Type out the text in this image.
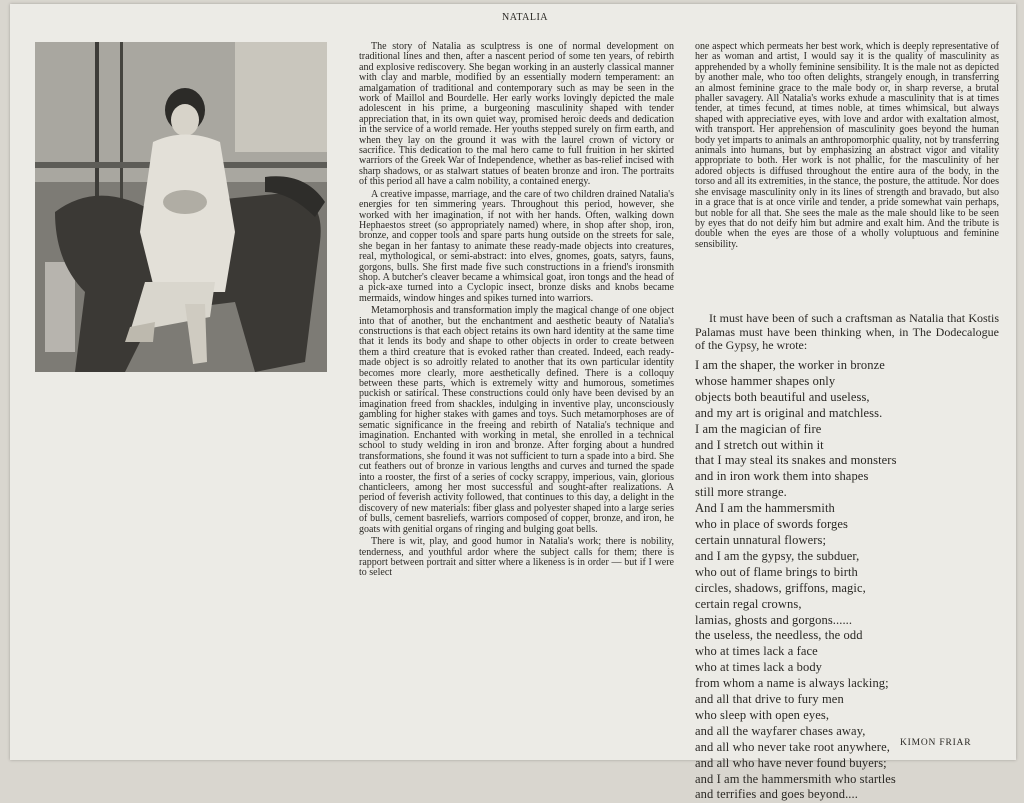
NATALIA

The story of Natalia as sculptress is one of normal development on traditional lines and then, after a nascent period of some ten years, of rebirth and explosive rediscovery. She began working in an austerly classical manner with clay and marble, modified by an essentially modern temperament: an amalgamation of traditional and contemporary such as may be seen in the work of Maillol and Bourdelle. Her early works lovingly depicted the male adolescent in his prime, a burgeoning masculinity shaped with tender appreciation that, in its own quiet way, promised heroic deeds and dedication in the service of a world remade. Her youths stepped surely on firm earth, and when they lay on the ground it was with the laurel crown of victory or sacrifice. This dedication to the mal hero came to full fruition in her skirted warriors of the Greek War of Independence, whether as bas-relief incised with sharp shadows, or as stalwart statues of beaten bronze and iron. The portraits of this period all have a calm nobility, a contained energy.

A creative impasse, marriage, and the care of two children drained Natalia's energies for ten simmering years. Throughout this period, however, she worked with her imagination, if not with her hands. Often, walking down Hephaestos street (so appropriately named) where, in shop after shop, iron, bronze, and copper tools and spare parts hung outside on the streets for sale, she began in her fantasy to animate these ready-made objects into creatures, real, mythological, or semi-abstract: into elves, gnomes, goats, satyrs, fauns, gorgons, bulls. She first made five such constructions in a friend's ironsmith shop. A butcher's cleaver became a whimsical goat, iron tongs and the head of a pick-axe turned into a Cyclopic insect, bronze disks and knobs became mermaids, window hinges and spikes turned into warriors.

Metamorphosis and transformation imply the magical change of one object into that of another, but the enchantment and aesthetic beauty of Natalia's constructions is that each object retains its own hard identity at the same time that it lends its body and shape to other objects in order to create between them a third creature that is evoked rather than created. Indeed, each ready-made object is so adroitly related to another that its own particular identity becomes more clearly, more aesthetically defined. There is a colloquy between these parts, which is extremely witty and humorous, sometimes puckish or satirical. These constructions could only have been devised by an imagination freed from shackles, indulging in inventive play, unconsciously gambling for higher stakes with games and toys. Such metamorphoses are of sematic significance in the freeing and rebirth of Natalia's technique and imagination. Enchanted with working in metal, she enrolled in a technical school to study welding in iron and bronze. After forging about a hundred transformations, she found it was not sufficient to turn a spade into a bird. She cut feathers out of bronze in various lengths and curves and turned the spade into a rooster, the first of a series of cocky scrappy, imperious, vain, glorious chanticleers, among her most successful and sought-after realizations. A period of feverish activity followed, that continues to this day, a delight in the discovery of new materials: fiber glass and polyester shaped into a large series of bulls, cement basreliefs, warriors composed of copper, bronze, and iron, he goats with genitial organs of ringing and bulging goat bells.

There is wit, play, and good humor in Natalia's work; there is nobility, tenderness, and youthful ardor where the subject calls for them; there is rapport between portrait and sitter where a likeness is in order — but if I were to select

one aspect which permeats her best work, which is deeply representative of her as woman and artist, I would say it is the quality of masculinity as apprehended by a wholly feminine sensibility. It is the male not as depicted by another male, who too often delights, strangely enough, in transferring an almost feminine grace to the male body or, in sharp reverse, a brutal phaller savagery. All Natalia's works exhude a masculinity that is at times tender, at times fecund, at times noble, at times whimsical, but always shaped with appreciative eyes, with love and ardor with exaltation almost, with transport. Her apprehension of masculinity goes beyond the human body yet imparts to animals an anthropomorphic quality, not by transferring animals into humans, but by emphasizing an abstract vigor and vitality appropriate to both. Her work is not phallic, for the masculinity of her adored objects is diffused throughout the entire aura of the body, in the torso and all its extremities, in the stance, the posture, the attitude. Nor does she envisage masculinity only in its lines of strength and bravado, but also in a grace that is at once virile and tender, a pride somewhat vain perhaps, but noble for all that. She sees the male as the male should like to be seen by eyes that do not deify him but admire and exalt him. And the tribute is double when the eyes are those of a wholly voluptuous and feminine sensibility.

It must have been of such a craftsman as Natalia that Kostis Palamas must have been thinking when, in The Dodecalogue of the Gypsy, he wrote:

I am the shaper, the worker in bronze
whose hammer shapes only
objects both beautiful and useless,
and my art is original and matchless.
I am the magician of fire
and I stretch out within it
that I may steal its snakes and monsters
and in iron work them into shapes
still more strange.
And I am the hammersmith
who in place of swords forges
certain unnatural flowers;
and I am the gypsy, the subduer,
who out of flame brings to birth
circles, shadows, griffons, magic,
certain regal crowns,
lamias, ghosts and gorgons......
the useless, the needless, the odd
who at times lack a face
who at times lack a body
from whom a name is always lacking;
and all that drive to fury men
who sleep with open eyes,
and all the wayfarer chases away,
and all who never take root anywhere,
and all who have never found buyers;
and I am the hammersmith who startles
and terrifies and goes beyond....
KIMON FRIAR
